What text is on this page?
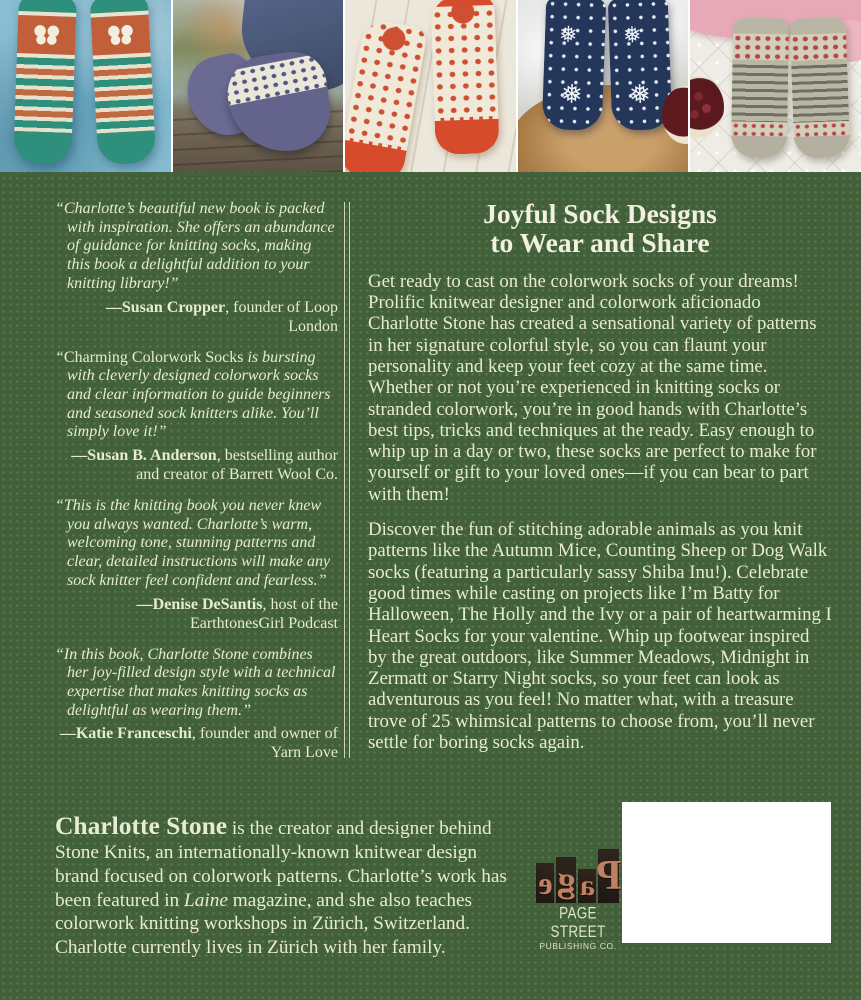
❅
❅
❅
❅

“Charlotte’s beautiful new book is packed with inspiration. She offers an abundance of guidance for knitting socks, making this book a delightful addition to your knitting library!”

—Susan Cropper, founder of Loop London

“Charming Colorwork Socks is bursting with cleverly designed colorwork socks and clear information to guide beginners and seasoned sock knitters alike. You’ll simply love it!”

—Susan B. Anderson, bestselling author and creator of Barrett Wool Co.

“This is the knitting book you never knew you always wanted. Charlotte’s warm, welcoming tone, stunning patterns and clear, detailed instructions will make any sock knitter feel confident and fearless.”

—Denise DeSantis, host of the EarthtonesGirl Podcast

“In this book, Charlotte Stone combines her joy-filled design style with a technical expertise that makes knitting socks as delightful as wearing them.”

—Katie Franceschi, founder and owner of Yarn Love

Joyful Sock Designs
to Wear and Share

Get ready to cast on the colorwork socks of your dreams! Prolific knitwear designer and colorwork aficionado Charlotte Stone has created a sensational variety of patterns in her signature colorful style, so you can flaunt your personality and keep your feet cozy at the same time. Whether or not you’re experienced in knitting socks or stranded colorwork, you’re in good hands with Charlotte’s best tips, tricks and techniques at the ready. Easy enough to whip up in a day or two, these socks are perfect to make for yourself or gift to your loved ones—if you can bear to part with them!

Discover the fun of stitching adorable animals as you knit patterns like the Autumn Mice, Counting Sheep or Dog Walk socks (featuring a particularly sassy Shiba Inu!). Celebrate good times while casting on projects like I’m Batty for Halloween, The Holly and the Ivy or a pair of heartwarming I Heart Socks for your valentine. Whip up footwear inspired by the great outdoors, like Summer Meadows, Midnight in Zermatt or Starry Night socks, so your feet can look as adventurous as you feel! No matter what, with a treasure trove of 25 whimsical patterns to choose from, you’ll never settle for boring socks again.

Charlotte Stone is the creator and designer behind Stone Knits, an internationally-known knitwear design brand focused on colorwork patterns. Charlotte’s work has been featured in Laine magazine, and she also teaches colorwork knitting workshops in Zürich, Switzerland. Charlotte currently lives in Zürich with her family.

P
a
g
e
PAGE STREET
PUBLISHING CO.
